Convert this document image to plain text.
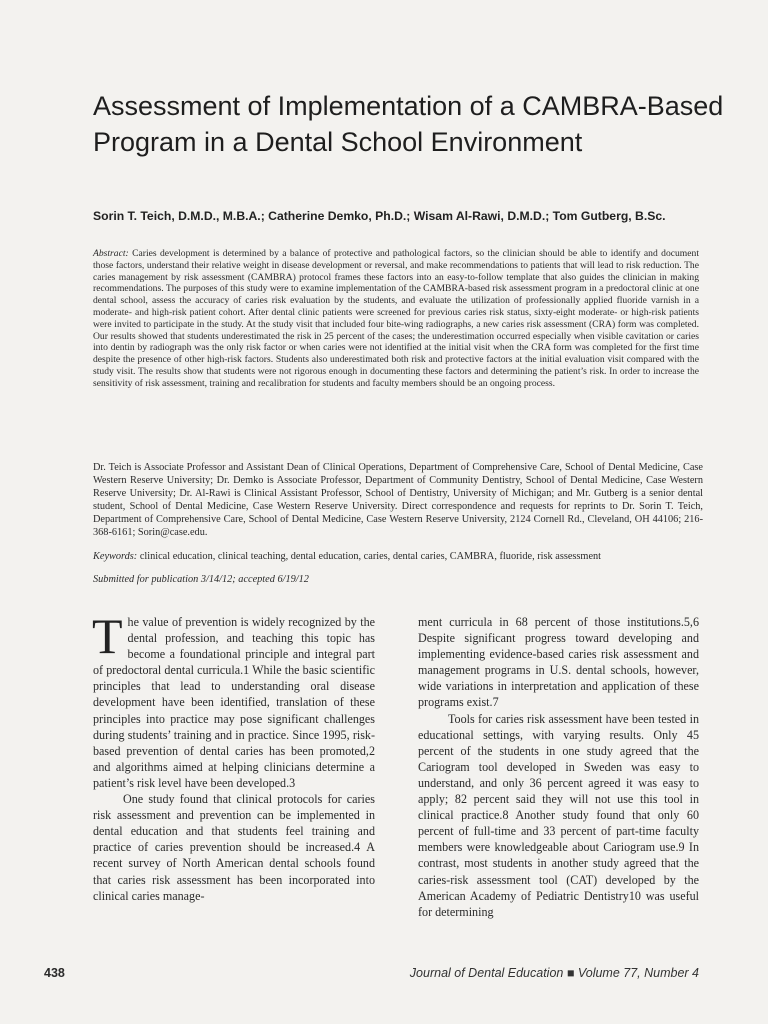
Assessment of Implementation of a CAMBRA-Based Program in a Dental School Environment
Sorin T. Teich, D.M.D., M.B.A.; Catherine Demko, Ph.D.; Wisam Al-Rawi, D.M.D.; Tom Gutberg, B.Sc.
Abstract: Caries development is determined by a balance of protective and pathological factors, so the clinician should be able to identify and document those factors, understand their relative weight in disease development or reversal, and make recommendations to patients that will lead to risk reduction. The caries management by risk assessment (CAMBRA) protocol frames these factors into an easy-to-follow template that also guides the clinician in making recommendations. The purposes of this study were to examine implementation of the CAMBRA-based risk assessment program in a predoctoral clinic at one dental school, assess the accuracy of caries risk evaluation by the students, and evaluate the utilization of professionally applied fluoride varnish in a moderate- and high-risk patient cohort. After dental clinic patients were screened for previous caries risk status, sixty-eight moderate- or high-risk patients were invited to participate in the study. At the study visit that included four bite-wing radiographs, a new caries risk assessment (CRA) form was completed. Our results showed that students underestimated the risk in 25 percent of the cases; the underestimation occurred especially when visible cavitation or caries into dentin by radiograph was the only risk factor or when caries were not identified at the initial visit when the CRA form was completed for the first time despite the presence of other high-risk factors. Students also underestimated both risk and protective factors at the initial evaluation visit compared with the study visit. The results show that students were not rigorous enough in documenting these factors and determining the patient’s risk. In order to increase the sensitivity of risk assessment, training and recalibration for students and faculty members should be an ongoing process.
Dr. Teich is Associate Professor and Assistant Dean of Clinical Operations, Department of Comprehensive Care, School of Dental Medicine, Case Western Reserve University; Dr. Demko is Associate Professor, Department of Community Dentistry, School of Dental Medicine, Case Western Reserve University; Dr. Al-Rawi is Clinical Assistant Professor, School of Dentistry, University of Michigan; and Mr. Gutberg is a senior dental student, School of Dental Medicine, Case Western Reserve University. Direct correspondence and requests for reprints to Dr. Sorin T. Teich, Department of Comprehensive Care, School of Dental Medicine, Case Western Reserve University, 2124 Cornell Rd., Cleveland, OH 44106; 216-368-6161; Sorin@case.edu.
Keywords: clinical education, clinical teaching, dental education, caries, dental caries, CAMBRA, fluoride, risk assessment
Submitted for publication 3/14/12; accepted 6/19/12

The value of prevention is widely recognized by the dental profession, and teaching this topic has become a foundational principle and integral part of predoctoral dental curricula.1 While the basic scientific principles that lead to understanding oral disease development have been identified, translation of these principles into practice may pose significant challenges during students’ training and in practice. Since 1995, risk-based prevention of dental caries has been promoted,2 and algorithms aimed at helping clinicians determine a patient’s risk level have been developed.3

One study found that clinical protocols for caries risk assessment and prevention can be implemented in dental education and that students feel training and practice of caries prevention should be increased.4 A recent survey of North American dental schools found that caries risk assessment has been incorporated into clinical caries manage-

ment curricula in 68 percent of those institutions.5,6 Despite significant progress toward developing and implementing evidence-based caries risk assessment and management programs in U.S. dental schools, however, wide variations in interpretation and application of these programs exist.7

Tools for caries risk assessment have been tested in educational settings, with varying results. Only 45 percent of the students in one study agreed that the Cariogram tool developed in Sweden was easy to understand, and only 36 percent agreed it was easy to apply; 82 percent said they will not use this tool in clinical practice.8 Another study found that only 60 percent of full-time and 33 percent of part-time faculty members were knowledgeable about Cariogram use.9 In contrast, most students in another study agreed that the caries-risk assessment tool (CAT) developed by the American Academy of Pediatric Dentistry10 was useful for determining

438	Journal of Dental Education ■ Volume 77, Number 4
